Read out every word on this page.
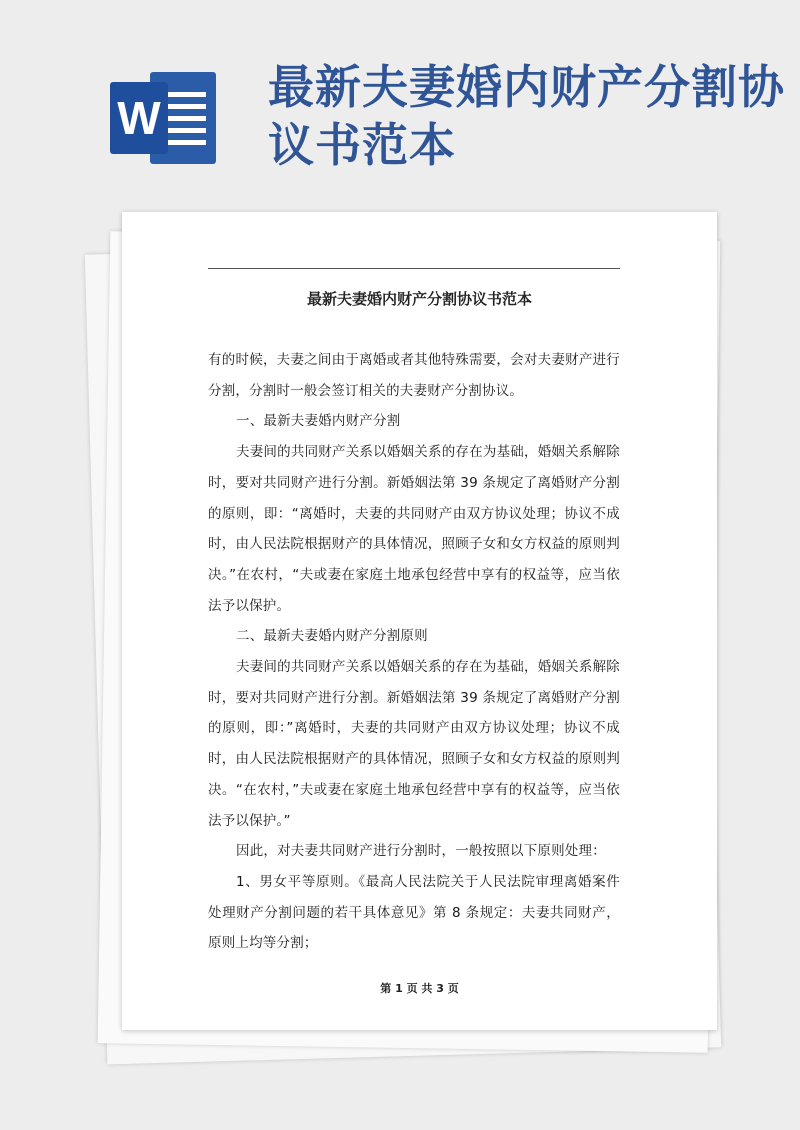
W
最新夫妻婚内财产分割协议书范本
最新夫妻婚内财产分割协议书范本

有的时候，夫妻之间由于离婚或者其他特殊需要，会对夫妻财产进行分割，分割时一般会签订相关的夫妻财产分割协议。

一、最新夫妻婚内财产分割

夫妻间的共同财产关系以婚姻关系的存在为基础，婚姻关系解除时，要对共同财产进行分割。新婚姻法第 39 条规定了离婚财产分割的原则，即：“离婚时，夫妻的共同财产由双方协议处理；协议不成时，由人民法院根据财产的具体情况，照顾子女和女方权益的原则判决。”在农村，“夫或妻在家庭土地承包经营中享有的权益等，应当依法予以保护。

二、最新夫妻婚内财产分割原则

夫妻间的共同财产关系以婚姻关系的存在为基础，婚姻关系解除时，要对共同财产进行分割。新婚姻法第 39 条规定了离婚财产分割的原则，即：”离婚时，夫妻的共同财产由双方协议处理；协议不成时，由人民法院根据财产的具体情况，照顾子女和女方权益的原则判决。“在农村，”夫或妻在家庭土地承包经营中享有的权益等，应当依法予以保护。”

因此，对夫妻共同财产进行分割时，一般按照以下原则处理：

1、男女平等原则。《最高人民法院关于人民法院审理离婚案件处理财产分割问题的若干具体意见》第 8 条规定：夫妻共同财产，原则上均等分割；

第 1 页 共 3 页
